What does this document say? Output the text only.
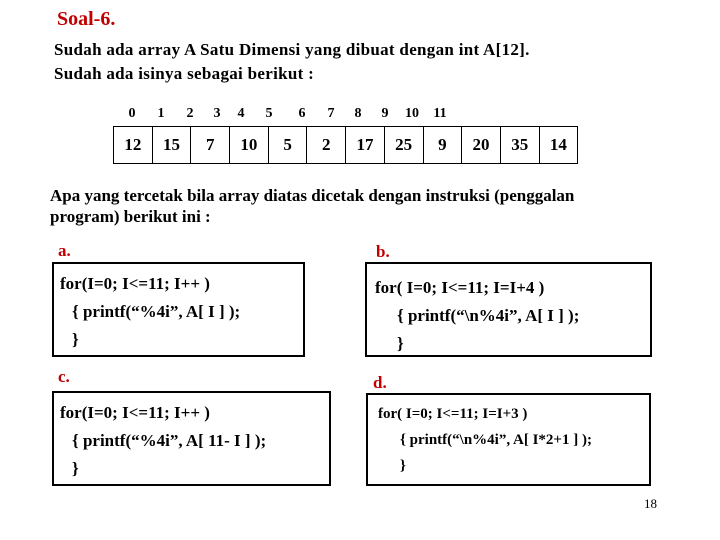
Soal-6.
Sudah ada array A Satu Dimensi yang dibuat dengan int A[12].
Sudah ada isinya sebagai berikut :
0	1	2	3	4	5	6	7	8	9	10 11
12	15	7	10	5	2	17	25	9	20	35	14
Apa yang tercetak bila array diatas dicetak dengan instruksi (penggalan
program) berikut ini :
a.	b.
c.	d.
for(I=0; I<=11; I++ )
{ printf(“%4i”, A[ I ] );
}
for( I=0; I<=11; I=I+4 )
{ printf(“\n%4i”, A[ I ] );
}
for(I=0; I<=11; I++ )
{ printf(“%4i”, A[ 11- I ] );
}
for( I=0; I<=11; I=I+3 )
{ printf(“\n%4i”, A[ I*2+1 ] );
}
18
